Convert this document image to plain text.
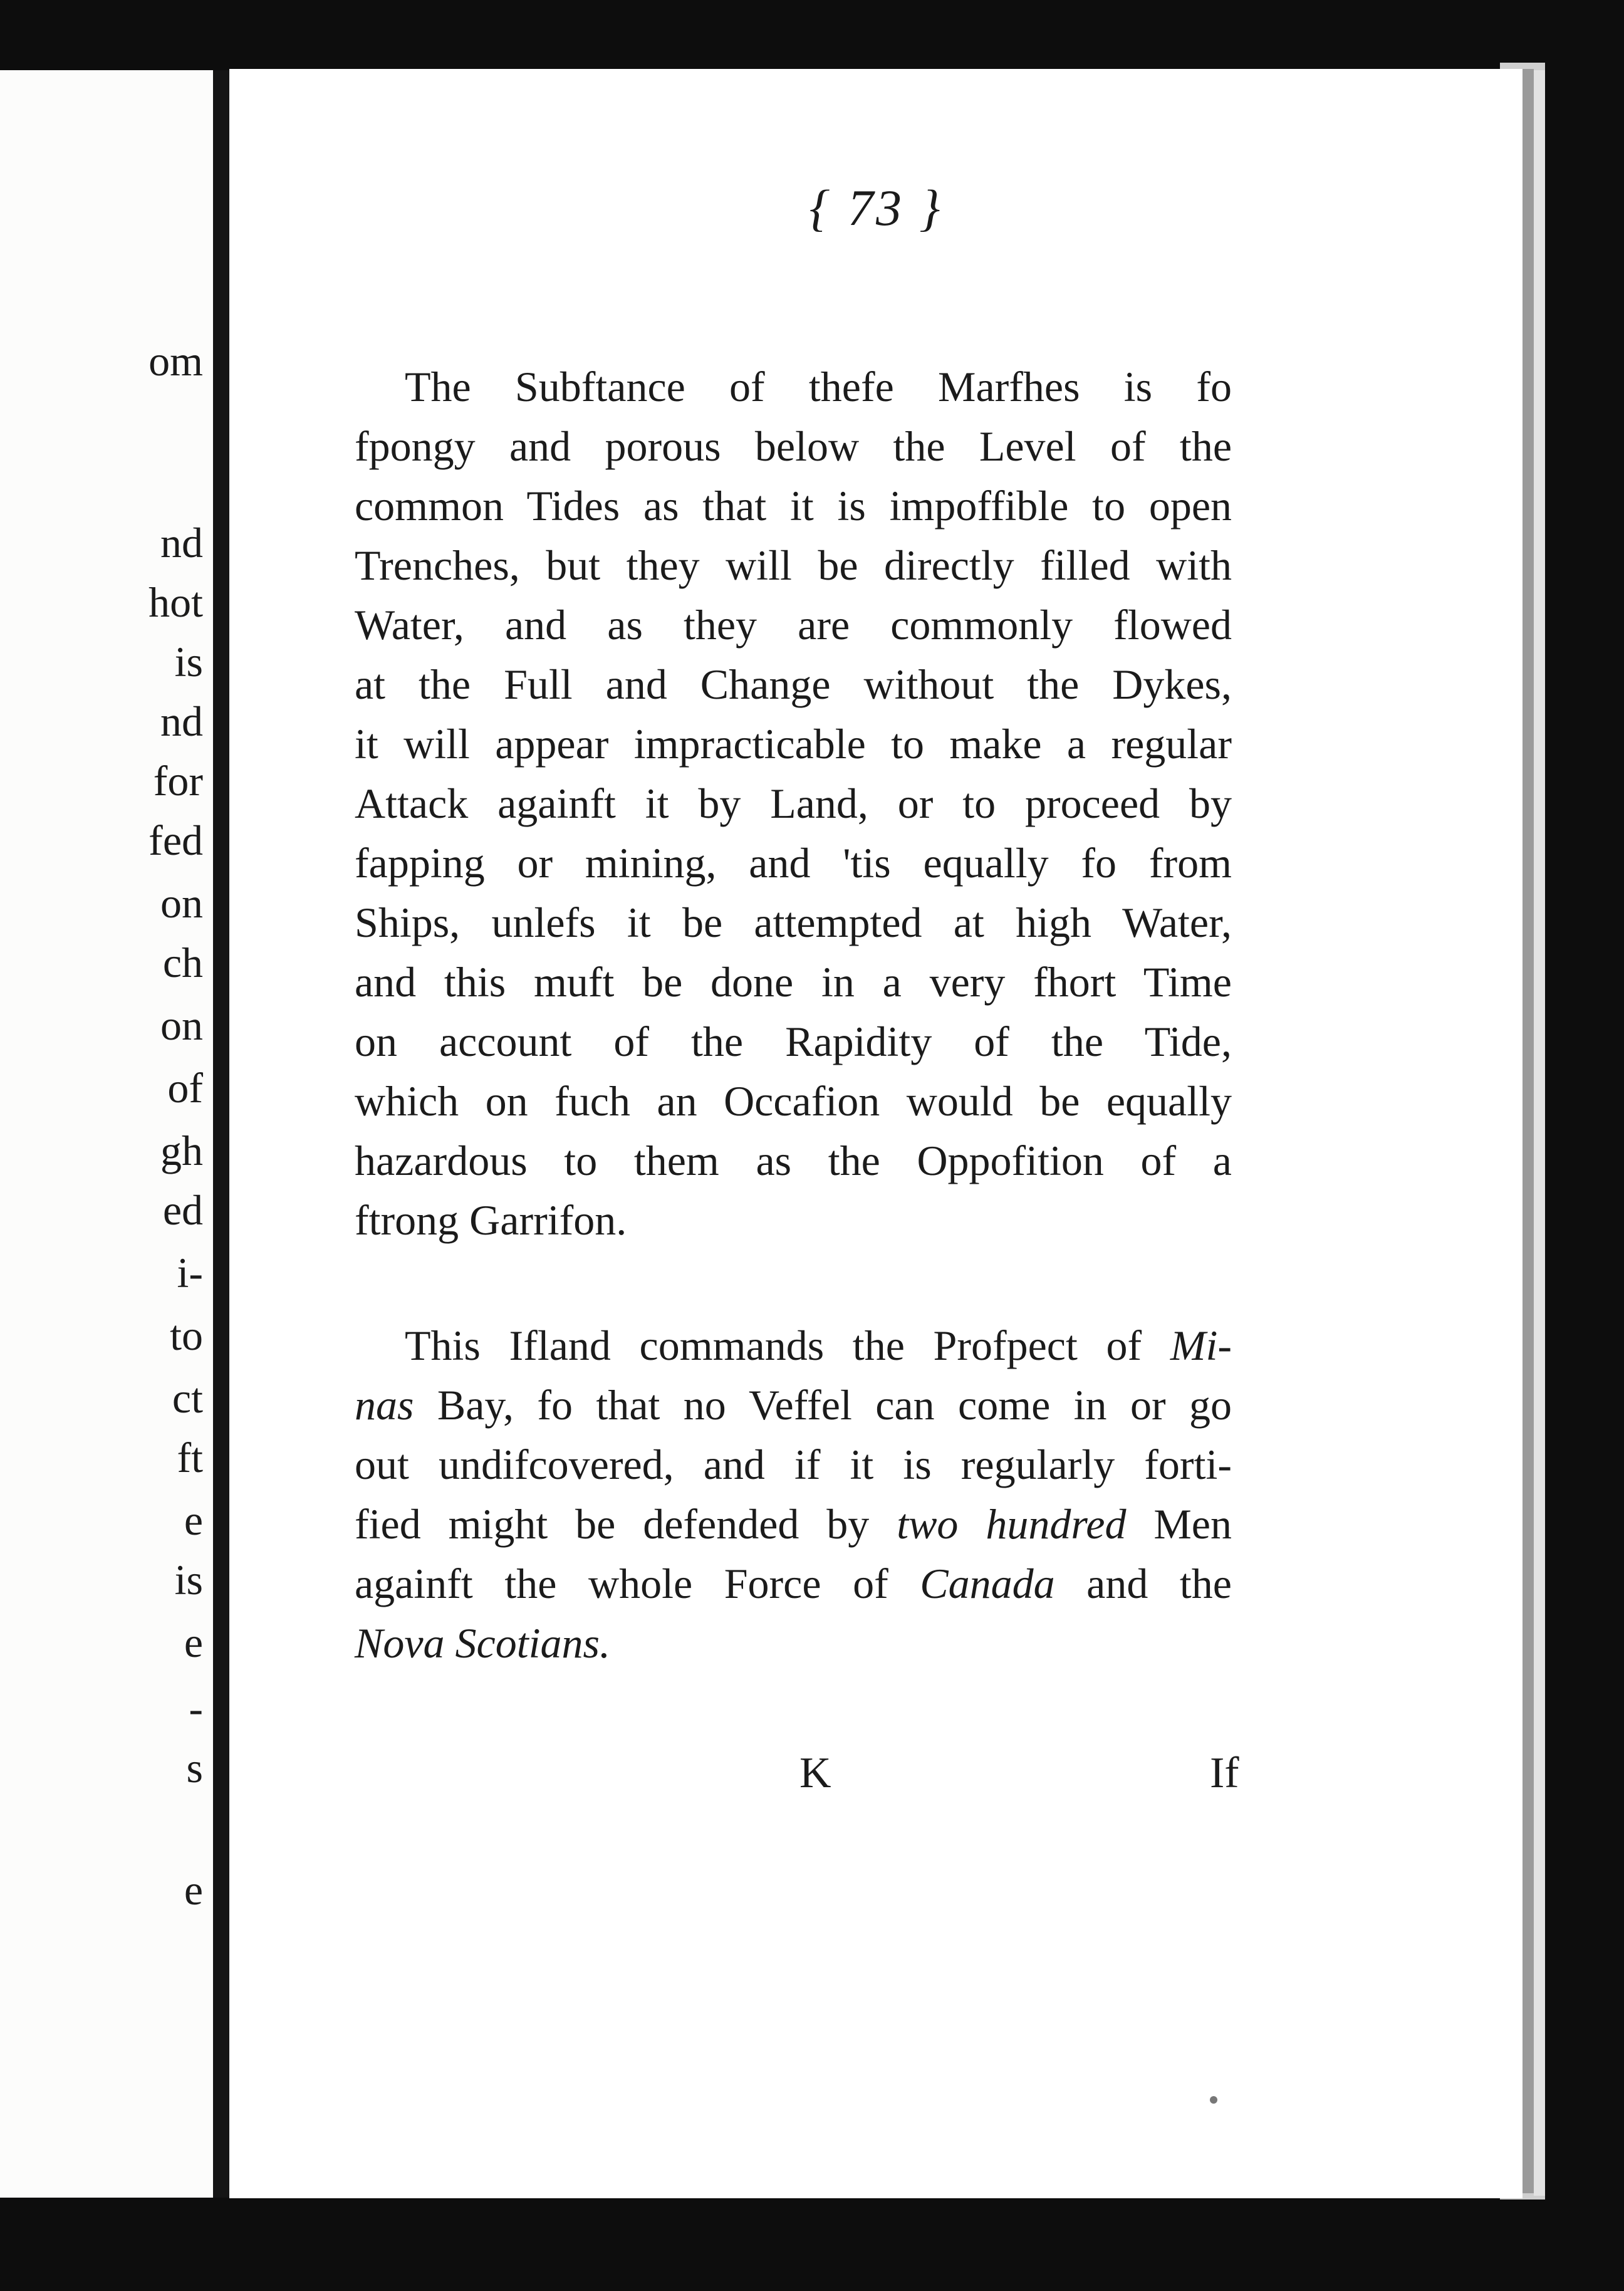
om
nd
hot
is
nd
for
fed
on
ch
on
of
gh
ed
i-
to
ct
ft
e
is
e
-
s
e
{ 73 }
The Subftance of thefe Marfhes is fo
fpongy and porous below the Level of the
common Tides as that it is impoffible to open
Trenches, but they will be directly filled with
Water, and as they are commonly flowed
at the Full and Change without the Dykes,
it will appear impracticable to make a regular
Attack againft it by Land, or to proceed by
fapping or mining, and 'tis equally fo from
Ships, unlefs it be attempted at high Water,
and this muft be done in a very fhort Time
on account of the Rapidity of the Tide,
which on fuch an Occafion would be equally
hazardous to them as the Oppofition of a
ftrong Garrifon.
This Ifland commands the Profpect of Mi-
nas Bay, fo that no Veffel can come in or go
out undifcovered, and if it is regularly forti-
fied might be defended by two hundred Men
againft the whole Force of Canada and the
Nova Scotians.
K	If
